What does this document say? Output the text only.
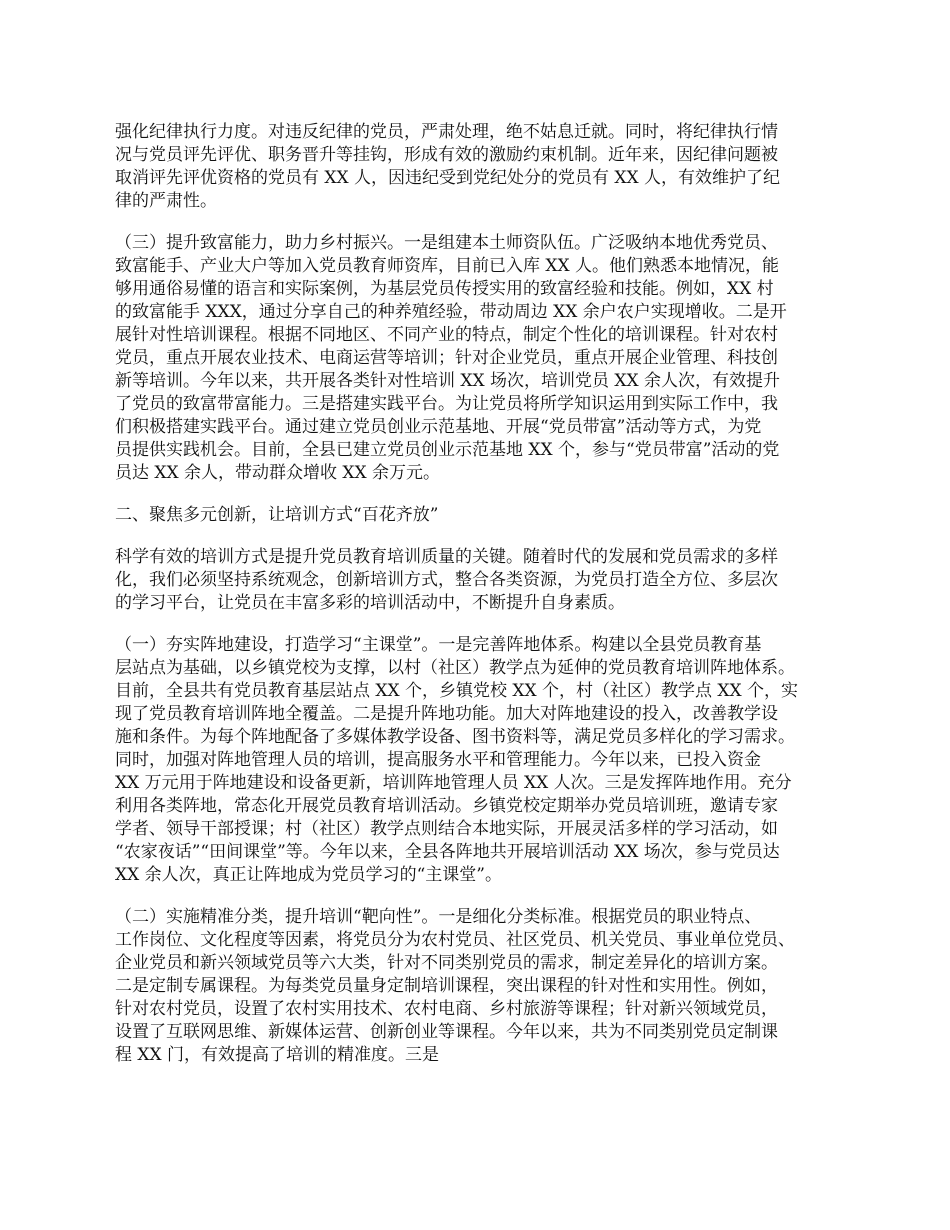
强化纪律执行力度。对违反纪律的党员，严肃处理，绝不姑息迁就。同时，将纪律执行情
况与党员评先评优、职务晋升等挂钩，形成有效的激励约束机制。近年来，因纪律问题被
取消评先评优资格的党员有 XX 人，因违纪受到党纪处分的党员有 XX 人，有效维护了纪
律的严肃性。
（三）提升致富能力，助力乡村振兴。一是组建本土师资队伍。广泛吸纳本地优秀党员、
致富能手、产业大户等加入党员教育师资库，目前已入库 XX 人。他们熟悉本地情况，能
够用通俗易懂的语言和实际案例，为基层党员传授实用的致富经验和技能。例如，XX 村
的致富能手 XXX，通过分享自己的种养殖经验，带动周边 XX 余户农户实现增收。二是开
展针对性培训课程。根据不同地区、不同产业的特点，制定个性化的培训课程。针对农村
党员，重点开展农业技术、电商运营等培训；针对企业党员，重点开展企业管理、科技创
新等培训。今年以来，共开展各类针对性培训 XX 场次，培训党员 XX 余人次，有效提升
了党员的致富带富能力。三是搭建实践平台。为让党员将所学知识运用到实际工作中，我
们积极搭建实践平台。通过建立党员创业示范基地、开展“党员带富”活动等方式，为党
员提供实践机会。目前，全县已建立党员创业示范基地 XX 个，参与“党员带富”活动的党
员达 XX 余人，带动群众增收 XX 余万元。
二、聚焦多元创新，让培训方式“百花齐放”
科学有效的培训方式是提升党员教育培训质量的关键。随着时代的发展和党员需求的多样
化，我们必须坚持系统观念，创新培训方式，整合各类资源，为党员打造全方位、多层次
的学习平台，让党员在丰富多彩的培训活动中，不断提升自身素质。
（一）夯实阵地建设，打造学习“主课堂”。一是完善阵地体系。构建以全县党员教育基
层站点为基础，以乡镇党校为支撑，以村（社区）教学点为延伸的党员教育培训阵地体系。
目前，全县共有党员教育基层站点 XX 个，乡镇党校 XX 个，村（社区）教学点 XX 个，实
现了党员教育培训阵地全覆盖。二是提升阵地功能。加大对阵地建设的投入，改善教学设
施和条件。为每个阵地配备了多媒体教学设备、图书资料等，满足党员多样化的学习需求。
同时，加强对阵地管理人员的培训，提高服务水平和管理能力。今年以来，已投入资金
XX 万元用于阵地建设和设备更新，培训阵地管理人员 XX 人次。三是发挥阵地作用。充分
利用各类阵地，常态化开展党员教育培训活动。乡镇党校定期举办党员培训班，邀请专家
学者、领导干部授课；村（社区）教学点则结合本地实际，开展灵活多样的学习活动，如
“农家夜话”“田间课堂”等。今年以来，全县各阵地共开展培训活动 XX 场次，参与党员达
XX 余人次，真正让阵地成为党员学习的“主课堂”。
（二）实施精准分类，提升培训“靶向性”。一是细化分类标准。根据党员的职业特点、
工作岗位、文化程度等因素，将党员分为农村党员、社区党员、机关党员、事业单位党员、
企业党员和新兴领域党员等六大类，针对不同类别党员的需求，制定差异化的培训方案。
二是定制专属课程。为每类党员量身定制培训课程，突出课程的针对性和实用性。例如，
针对农村党员，设置了农村实用技术、农村电商、乡村旅游等课程；针对新兴领域党员，
设置了互联网思维、新媒体运营、创新创业等课程。今年以来，共为不同类别党员定制课
程 XX 门，有效提高了培训的精准度。三是
